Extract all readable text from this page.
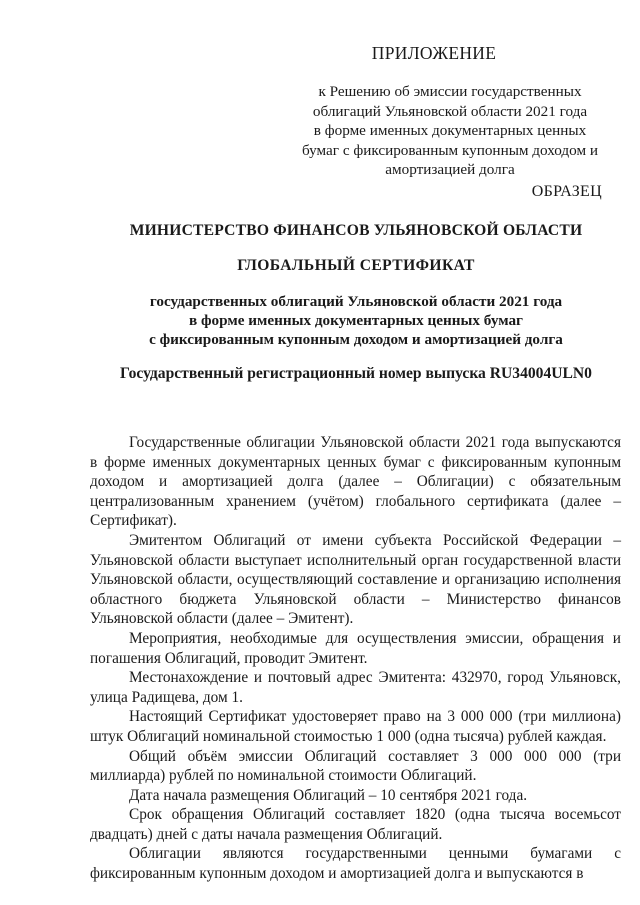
ПРИЛОЖЕНИЕ
к Решению об эмиссии государственных
облигаций Ульяновской области 2021 года
в форме именных документарных ценных
бумаг с фиксированным купонным доходом и
амортизацией долга
ОБРАЗЕЦ
МИНИСТЕРСТВО ФИНАНСОВ УЛЬЯНОВСКОЙ ОБЛАСТИ
ГЛОБАЛЬНЫЙ СЕРТИФИКАТ
государственных облигаций Ульяновской области 2021 года
в форме именных документарных ценных бумаг
с фиксированным купонным доходом и амортизацией долга
Государственный регистрационный номер выпуска RU34004ULN0

Государственные облигации Ульяновской области 2021 года выпускаются в форме именных документарных ценных бумаг с фиксированным купонным доходом и амортизацией долга (далее – Облигации) с обязательным централизованным хранением (учётом) глобального сертификата (далее – Сертификат).

Эмитентом Облигаций от имени субъекта Российской Федерации – Ульяновской области выступает исполнительный орган государственной власти Ульяновской области, осуществляющий составление и организацию исполнения областного бюджета Ульяновской области – Министерство финансов Ульяновской области (далее – Эмитент).

Мероприятия, необходимые для осуществления эмиссии, обращения и погашения Облигаций, проводит Эмитент.

Местонахождение и почтовый адрес Эмитента: 432970, город Ульяновск, улица Радищева, дом 1.

Настоящий Сертификат удостоверяет право на 3 000 000 (три миллиона) штук Облигаций номинальной стоимостью 1 000 (одна тысяча) рублей каждая.

Общий объём эмиссии Облигаций составляет 3 000 000 000 (три миллиарда) рублей по номинальной стоимости Облигаций.

Дата начала размещения Облигаций – 10 сентября 2021 года.

Срок обращения Облигаций составляет 1820 (одна тысяча восемьсот двадцать) дней с даты начала размещения Облигаций.

Облигации являются государственными ценными бумагами с фиксированным купонным доходом и амортизацией долга и выпускаются в
